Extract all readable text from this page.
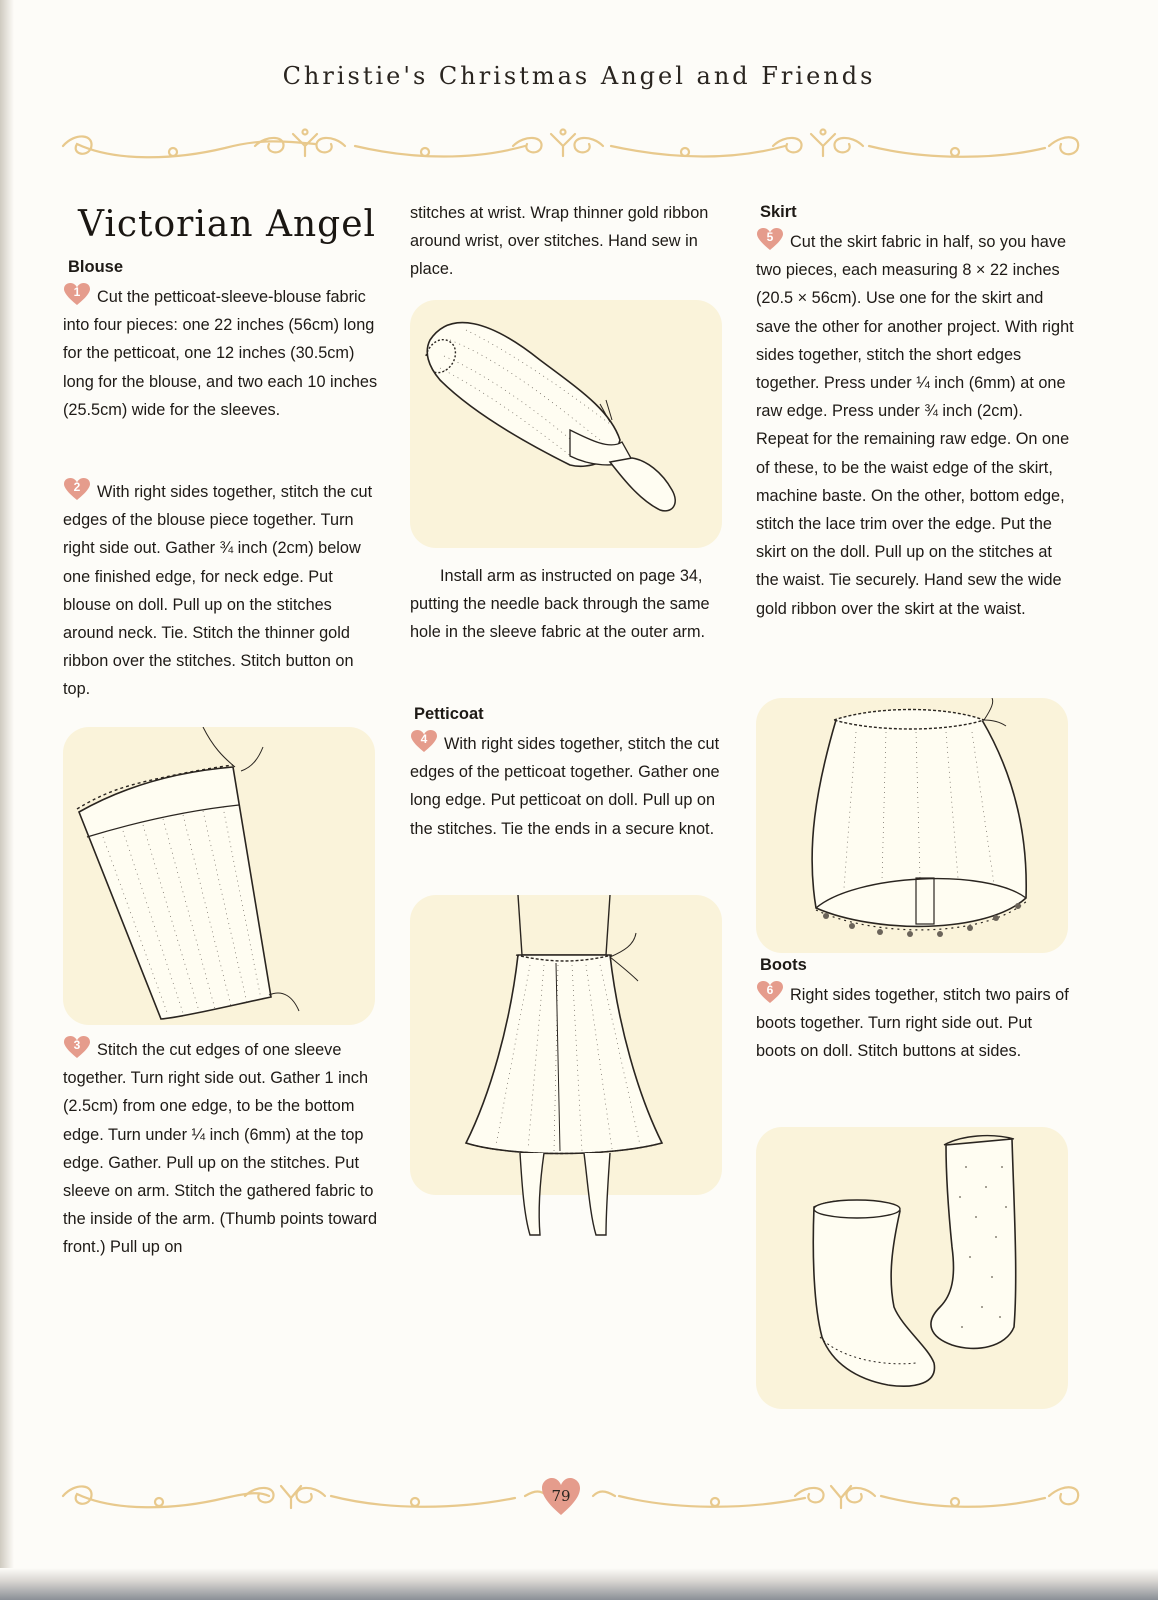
Christie's Christmas Angel and Friends
Victorian Angel
Blouse

1	Cut the petticoat-sleeve-blouse fabric into four pieces: one 22 inches (56cm) long for the petticoat, one 12 inches (30.5cm) long for the blouse, and two each 10 inches (25.5cm) wide for the sleeves.

2	With right sides together, stitch the cut edges of the blouse piece together. Turn right side out. Gather ¾ inch (2cm) below one finished edge, for neck edge. Put blouse on doll. Pull up on the stitches around neck. Tie. Stitch the thinner gold ribbon over the stitches. Stitch button on top.

3	Stitch the cut edges of one sleeve together. Turn right side out. Gather 1 inch (2.5cm) from one edge, to be the bottom edge. Turn under ¼ inch (6mm) at the top edge. Gather. Pull up on the stitches. Put sleeve on arm. Stitch the gathered fabric to the inside of the arm. (Thumb points toward front.) Pull up on

stitches at wrist. Wrap thinner gold ribbon around wrist, over stitches. Hand sew in place.

Install arm as instructed on page 34, putting the needle back through the same hole in the sleeve fabric at the outer arm.

Petticoat

4	With right sides together, stitch the cut edges of the petticoat together. Gather one long edge. Put petticoat on doll. Pull up on the stitches. Tie the ends in a secure knot.

Skirt

5	Cut the skirt fabric in half, so you have two pieces, each measuring 8 × 22 inches (20.5 × 56cm). Use one for the skirt and save the other for another project. With right sides together, stitch the short edges together. Press under ¼ inch (6mm) at one raw edge. Press under ¾ inch (2cm). Repeat for the remaining raw edge. On one of these, to be the waist edge of the skirt, machine baste. On the other, bottom edge, stitch the lace trim over the edge. Put the skirt on the doll. Pull up on the stitches at the waist. Tie securely. Hand sew the wide gold ribbon over the skirt at the waist.

Boots

6	Right sides together, stitch two pairs of boots together. Turn right side out. Put boots on doll. Stitch buttons at sides.

79
